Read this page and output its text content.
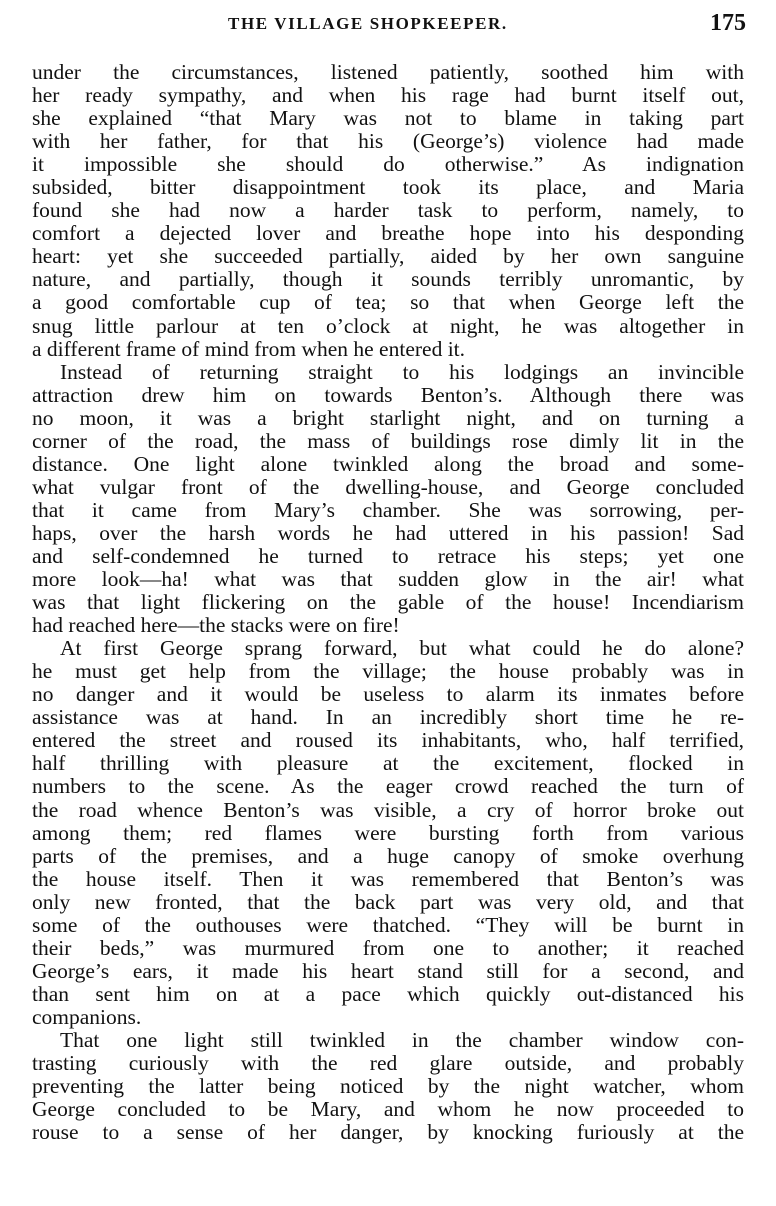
THE VILLAGE SHOPKEEPER.	175
under the circumstances, listened patiently, soothed him with
her ready sympathy, and when his rage had burnt itself out,
she explained “that Mary was not to blame in taking part
with her father, for that his (George’s) violence had made
it impossible she should do otherwise.” As indignation
subsided, bitter disappointment took its place, and Maria
found she had now a harder task to perform, namely, to
comfort a dejected lover and breathe hope into his desponding
heart: yet she succeeded partially, aided by her own sanguine
nature, and partially, though it sounds terribly unromantic, by
a good comfortable cup of tea; so that when George left the
snug little parlour at ten o’clock at night, he was altogether in
a different frame of mind from when he entered it.
Instead of returning straight to his lodgings an invincible
attraction drew him on towards Benton’s. Although there was
no moon, it was a bright starlight night, and on turning a
corner of the road, the mass of buildings rose dimly lit in the
distance. One light alone twinkled along the broad and some-
what vulgar front of the dwelling-house, and George concluded
that it came from Mary’s chamber. She was sorrowing, per-
haps, over the harsh words he had uttered in his passion! Sad
and self-condemned he turned to retrace his steps; yet one
more look—ha! what was that sudden glow in the air! what
was that light flickering on the gable of the house! Incendiarism
had reached here—the stacks were on fire!
At first George sprang forward, but what could he do alone?
he must get help from the village; the house probably was in
no danger and it would be useless to alarm its inmates before
assistance was at hand. In an incredibly short time he re-
entered the street and roused its inhabitants, who, half terrified,
half thrilling with pleasure at the excitement, flocked in
numbers to the scene. As the eager crowd reached the turn of
the road whence Benton’s was visible, a cry of horror broke out
among them; red flames were bursting forth from various
parts of the premises, and a huge canopy of smoke overhung
the house itself. Then it was remembered that Benton’s was
only new fronted, that the back part was very old, and that
some of the outhouses were thatched. “They will be burnt in
their beds,” was murmured from one to another; it reached
George’s ears, it made his heart stand still for a second, and
than sent him on at a pace which quickly out-distanced his
companions.
That one light still twinkled in the chamber window con-
trasting curiously with the red glare outside, and probably
preventing the latter being noticed by the night watcher, whom
George concluded to be Mary, and whom he now proceeded to
rouse to a sense of her danger, by knocking furiously at the
